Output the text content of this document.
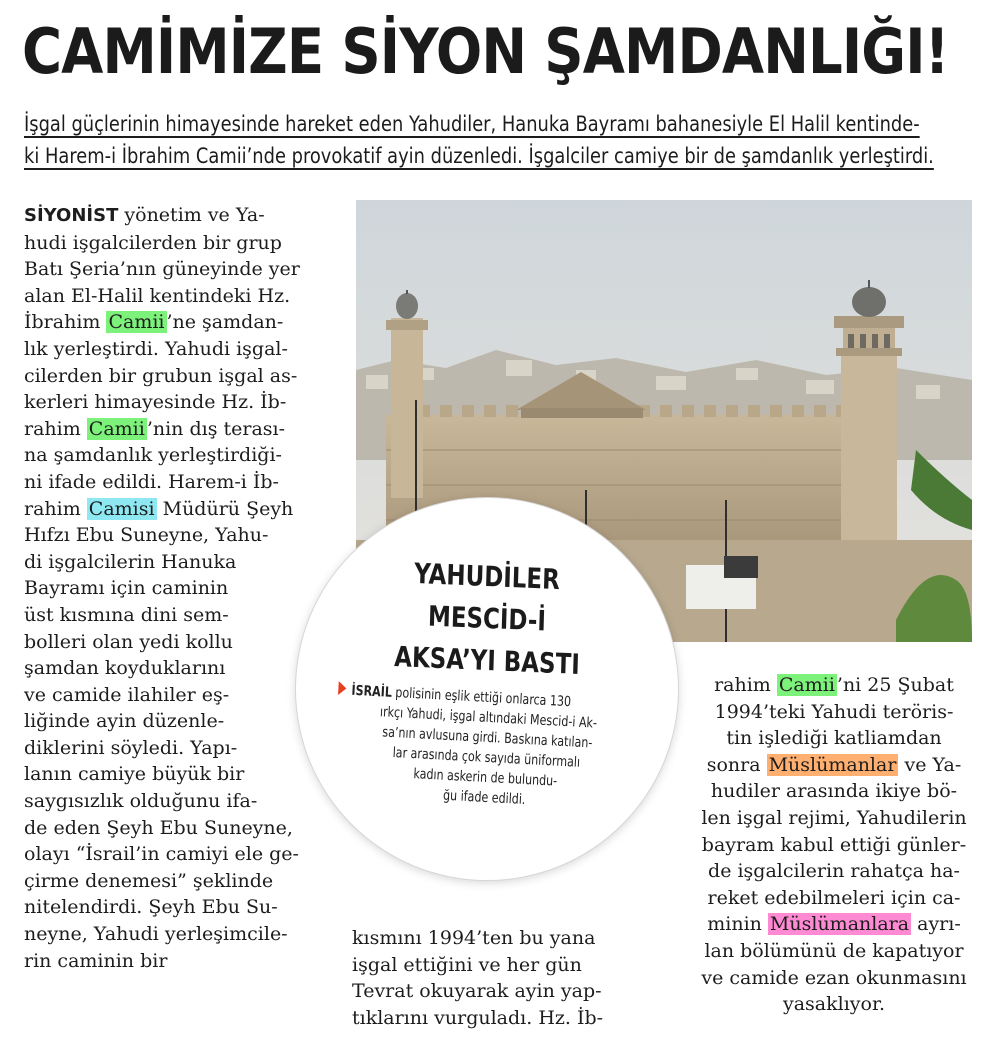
CAMİMİZE SİYON ŞAMDANLIĞI!
İşgal güçlerinin himayesinde hareket eden Yahudiler, Hanuka Bayramı bahanesiyle El Halil kentinde-
ki Harem-i İbrahim Camii’nde provokatif ayin düzenledi. İşgalciler camiye bir de şamdanlık yerleştirdi.
SİYONİST yönetim ve Ya-
hudi işgalcilerden bir grup
Batı Şeria’nın güneyinde yer
alan El-Halil kentindeki Hz.
İbrahim Camii ’ne şamdan-
lık yerleştirdi. Yahudi işgal-
cilerden bir grubun işgal as-
kerleri himayesinde Hz. İb-
rahim Camii ’nin dış terası-
na şamdanlık yerleştirdiği-
ni ifade edildi. Harem-i İb-
rahim Camisi Müdürü Şeyh
Hıfzı Ebu Suneyne, Yahu-
di işgalcilerin Hanuka
Bayramı için caminin
üst kısmına dini sem-
bolleri olan yedi kollu
şamdan koyduklarını
ve camide ilahiler eş-
liğinde ayin düzenle-
diklerini söyledi. Yapı-
lanın camiye büyük bir
saygısızlık olduğunu ifa-
de eden Şeyh Ebu Suneyne,
olayı “İsrail’in camiyi ele ge-
çirme denemesi” şeklinde
nitelendirdi. Şeyh Ebu Su-
neyne, Yahudi yerleşimcile-
rin caminin bir
kısmını 1994’ten bu yana
işgal ettiğini ve her gün
Tevrat okuyarak ayin yap-
tıklarını vurguladı. Hz. İb-
rahim Camii ’ni 25 Şubat
1994’teki Yahudi teröris-
tin işlediği katliamdan
sonra Müslümanlar ve Ya-
hudiler arasında ikiye bö-
len işgal rejimi, Yahudilerin
bayram kabul ettiği günler-
de işgalcilerin rahatça ha-
reket edebilmeleri için ca-
minin Müslümanlara ayrı-
lan bölümünü de kapatıyor
ve camide ezan okunmasını
yasaklıyor.
YAHUDİLER
MESCİD-İ
AKSA’YI BASTI
İSRAİL polisinin eşlik ettiği onlarca 130
ırkçı Yahudi, işgal altındaki Mescid-i Ak-
sa’nın avlusuna girdi. Baskına katılan-
lar arasında çok sayıda üniformalı
kadın askerin de bulundu-
ğu ifade edildi.
